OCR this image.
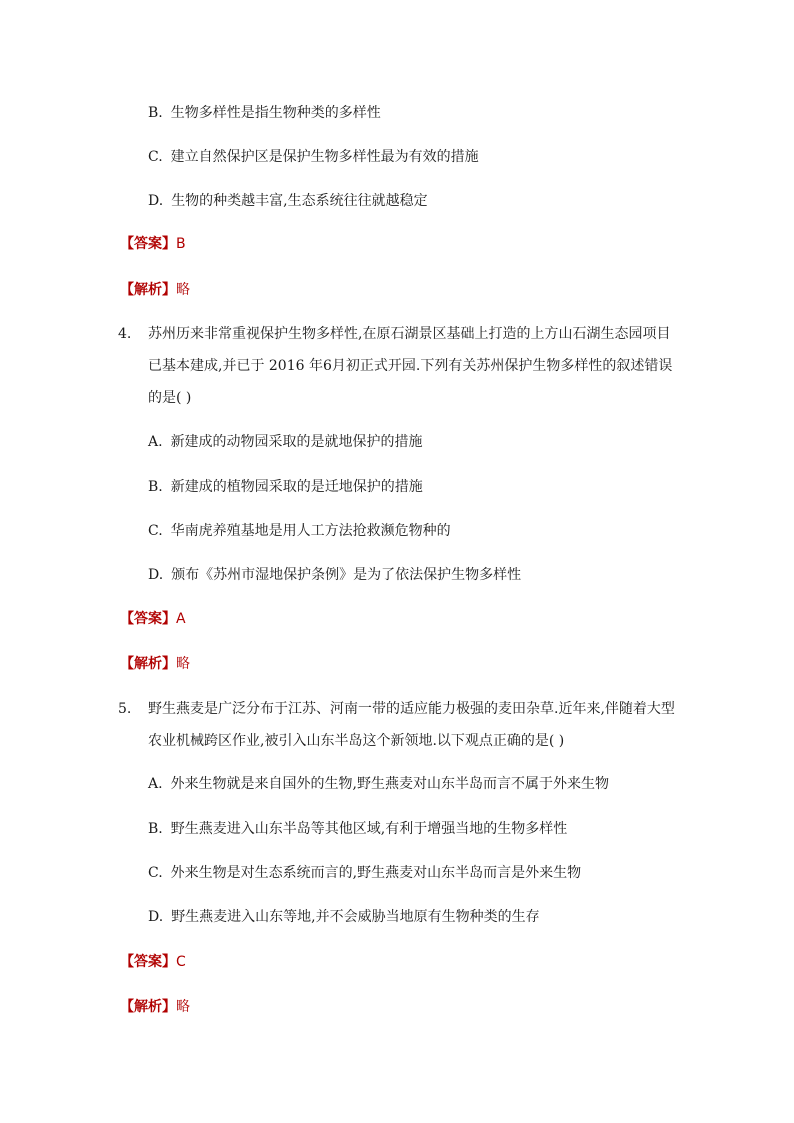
B. 生物多样性是指生物种类的多样性
C. 建立自然保护区是保护生物多样性最为有效的措施
D. 生物的种类越丰富,生态系统往往就越稳定
【答案】B
【解析】略
4. 苏州历来非常重视保护生物多样性,在原石湖景区基础上打造的上方山石湖生态园项目
已基本建成,并已于 2016 年6月初正式开园.下列有关苏州保护生物多样性的叙述错误
的是( )
A. 新建成的动物园采取的是就地保护的措施
B. 新建成的植物园采取的是迁地保护的措施
C. 华南虎养殖基地是用人工方法抢救濒危物种的
D. 颁布《苏州市湿地保护条例》是为了依法保护生物多样性
【答案】A
【解析】略
5. 野生燕麦是广泛分布于江苏、河南一带的适应能力极强的麦田杂草.近年来,伴随着大型
农业机械跨区作业,被引入山东半岛这个新领地.以下观点正确的是( )
A. 外来生物就是来自国外的生物,野生燕麦对山东半岛而言不属于外来生物
B. 野生燕麦进入山东半岛等其他区域,有利于增强当地的生物多样性
C. 外来生物是对生态系统而言的,野生燕麦对山东半岛而言是外来生物
D. 野生燕麦进入山东等地,并不会威胁当地原有生物种类的生存
【答案】C
【解析】略
